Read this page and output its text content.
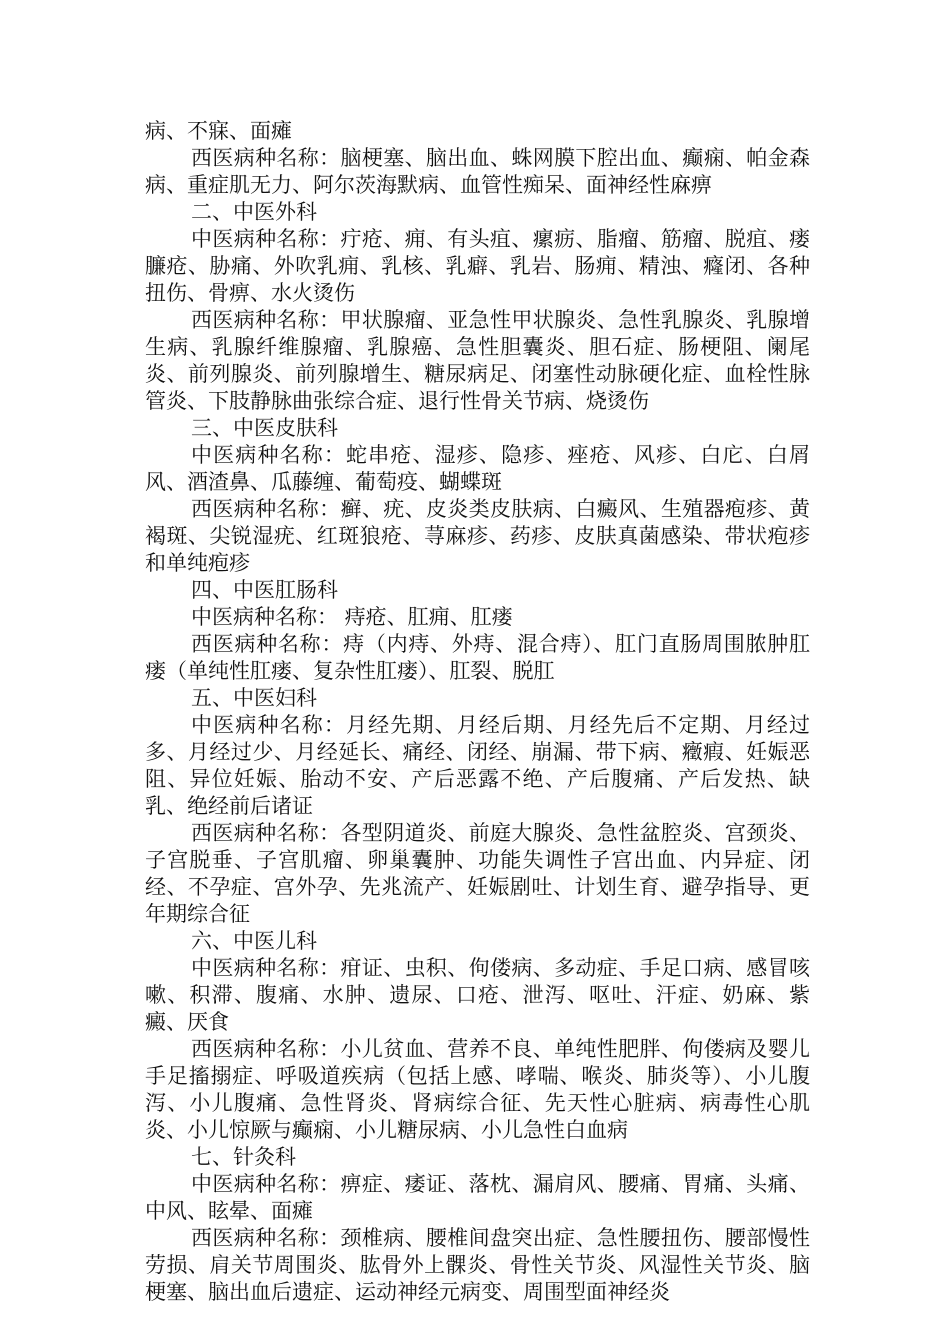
病、不寐、面瘫

西医病种名称：脑梗塞、脑出血、蛛网膜下腔出血、癫痫、帕金森病、重症肌无力、阿尔茨海默病、血管性痴呆、面神经性麻痹

二、中医外科

中医病种名称：疔疮、痈、有头疽、瘰疬、脂瘤、筋瘤、脱疽、瘘臁疮、胁痛、外吹乳痈、乳核、乳癖、乳岩、肠痈、精浊、癃闭、各种扭伤、骨痹、水火烫伤

西医病种名称：甲状腺瘤、亚急性甲状腺炎、急性乳腺炎、乳腺增生病、乳腺纤维腺瘤、乳腺癌、急性胆囊炎、胆石症、肠梗阻、阑尾炎、前列腺炎、前列腺增生、糖尿病足、闭塞性动脉硬化症、血栓性脉管炎、下肢静脉曲张综合症、退行性骨关节病、烧烫伤

三、中医皮肤科

中医病种名称：蛇串疮、湿疹、隐疹、痤疮、风疹、白庀、白屑风、酒渣鼻、瓜藤缠、葡萄疫、蝴蝶斑

西医病种名称：癣、疣、皮炎类皮肤病、白癜风、生殖器疱疹、黄褐斑、尖锐湿疣、红斑狼疮、荨麻疹、药疹、皮肤真菌感染、带状疱疹和单纯疱疹

四、中医肛肠科

中医病种名称： 痔疮、肛痈、肛瘘

西医病种名称：痔（内痔、外痔、混合痔）、肛门直肠周围脓肿肛瘘（单纯性肛瘘、复杂性肛瘘）、肛裂、脱肛

五、中医妇科

中医病种名称：月经先期、月经后期、月经先后不定期、月经过多、月经过少、月经延长、痛经、闭经、崩漏、带下病、癥瘕、妊娠恶阻、异位妊娠、胎动不安、产后恶露不绝、产后腹痛、产后发热、缺乳、绝经前后诸证

西医病种名称：各型阴道炎、前庭大腺炎、急性盆腔炎、宫颈炎、子宫脱垂、子宫肌瘤、卵巢囊肿、功能失调性子宫出血、内异症、闭经、不孕症、宫外孕、先兆流产、妊娠剧吐、计划生育、避孕指导、更年期综合征

六、中医儿科

中医病种名称：疳证、虫积、佝偻病、多动症、手足口病、感冒咳嗽、积滞、腹痛、水肿、遗尿、口疮、泄泻、呕吐、汗症、奶麻、紫癜、厌食

西医病种名称：小儿贫血、营养不良、单纯性肥胖、佝偻病及婴儿手足搐搦症、呼吸道疾病（包括上感、哮喘、喉炎、肺炎等）、小儿腹泻、小儿腹痛、急性肾炎、肾病综合征、先天性心脏病、病毒性心肌炎、小儿惊厥与癫痫、小儿糖尿病、小儿急性白血病

七、针灸科

中医病种名称：痹症、痿证、落枕、漏肩风、腰痛、胃痛、头痛、中风、眩晕、面瘫

西医病种名称：颈椎病、腰椎间盘突出症、急性腰扭伤、腰部慢性劳损、肩关节周围炎、肱骨外上髁炎、骨性关节炎、风湿性关节炎、脑梗塞、脑出血后遗症、运动神经元病变、周围型面神经炎
